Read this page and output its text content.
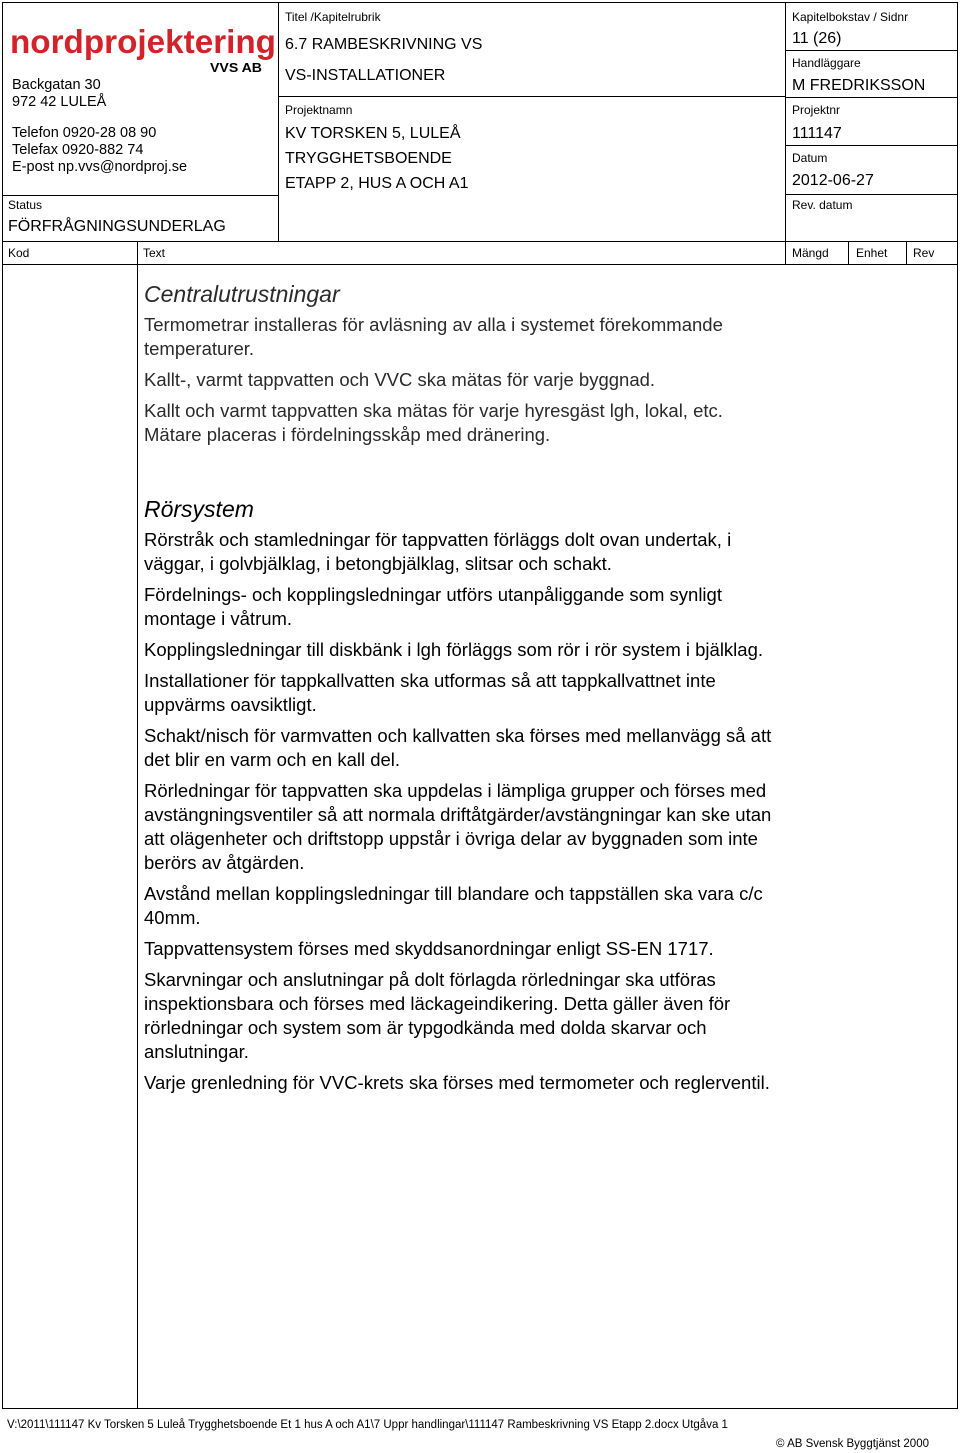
nordprojektering
VVS AB
Backgatan 30
972 42 LULEÅ
Telefon 0920-28 08 90
Telefax 0920-882 74
E-post np.vvs@nordproj.se
Status
FÖRFRÅGNINGSUNDERLAG
Titel /Kapitelrubrik
6.7 RAMBESKRIVNING VS
VS-INSTALLATIONER
Projektnamn
KV TORSKEN 5, LULEÅ
TRYGGHETSBOENDE
ETAPP 2, HUS A OCH A1
Kapitelbokstav / Sidnr
11 (26)
Handläggare
M FREDRIKSSON
Projektnr
111147
Datum
2012-06-27
Rev. datum
Kod	Text	Mängd Enhet Rev
Centralutrustningar

Termometrar installeras för avläsning av alla i systemet förekommande temperaturer.

Kallt-, varmt tappvatten och VVC ska mätas för varje byggnad.

Kallt och varmt tappvatten ska mätas för varje hyresgäst lgh, lokal, etc. Mätare placeras i fördelningsskåp med dränering.

Rörsystem

Rörstråk och stamledningar för tappvatten förläggs dolt ovan undertak, i väggar, i golvbjälklag, i betongbjälklag, slitsar och schakt.

Fördelnings- och kopplingsledningar utförs utanpåliggande som synligt montage i våtrum.

Kopplingsledningar till diskbänk i lgh förläggs som rör i rör system i bjälklag.

Installationer för tappkallvatten ska utformas så att tappkallvattnet inte uppvärms oavsiktligt.

Schakt/nisch för varmvatten och kallvatten ska förses med mellanvägg så att det blir en varm och en kall del.

Rörledningar för tappvatten ska uppdelas i lämpliga grupper och förses med avstängningsventiler så att normala driftåtgärder/avstängningar kan ske utan att olägenheter och driftstopp uppstår i övriga delar av byggnaden som inte berörs av åtgärden.

Avstånd mellan kopplingsledningar till blandare och tappställen ska vara c/c 40mm.

Tappvattensystem förses med skyddsanordningar enligt SS-EN 1717.

Skarvningar och anslutningar på dolt förlagda rörledningar ska utföras inspektionsbara och förses med läckageindikering. Detta gäller även för rörledningar och system som är typgodkända med dolda skarvar och anslutningar.

Varje grenledning för VVC-krets ska förses med termometer och reglerventil.

V:\2011\111147 Kv Torsken 5 Luleå Trygghetsboende Et 1 hus A och A1\7 Uppr handlingar\111147 Rambeskrivning VS Etapp 2.docx Utgåva 1
© AB Svensk Byggtjänst 2000
